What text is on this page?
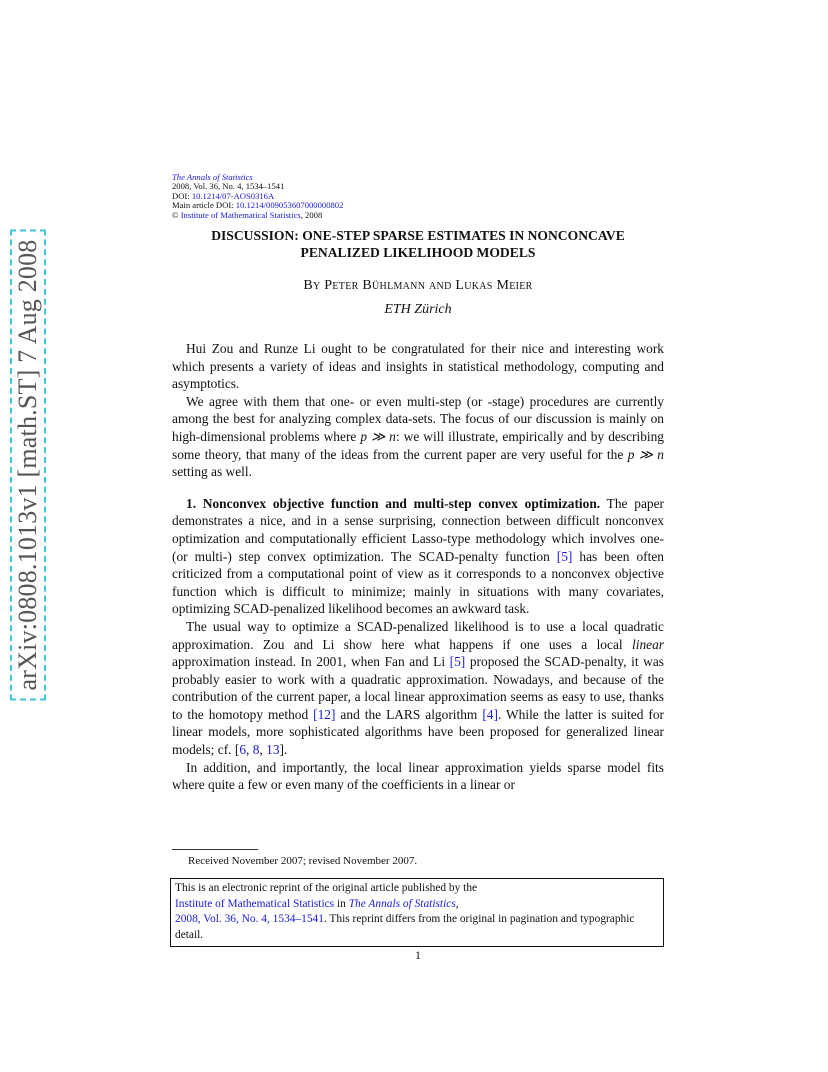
arXiv:0808.1013v1 [math.ST] 7 Aug 2008
The Annals of Statistics
2008, Vol. 36, No. 4, 1534–1541
DOI: 10.1214/07-AOS0316A
Main article DOI: 10.1214/009053607000000802
© Institute of Mathematical Statistics, 2008
DISCUSSION: ONE-STEP SPARSE ESTIMATES IN NONCONCAVE
PENALIZED LIKELIHOOD MODELS
By Peter Bühlmann and Lukas Meier
ETH Zürich

Hui Zou and Runze Li ought to be congratulated for their nice and interesting work which presents a variety of ideas and insights in statistical methodology, computing and asymptotics.

We agree with them that one- or even multi-step (or -stage) procedures are currently among the best for analyzing complex data-sets. The focus of our discussion is mainly on high-dimensional problems where p ≫ n: we will illustrate, empirically and by describing some theory, that many of the ideas from the current paper are very useful for the p ≫ n setting as well.

1. Nonconvex objective function and multi-step convex optimization. The paper demonstrates a nice, and in a sense surprising, connection between difficult nonconvex optimization and computationally efficient Lasso-type methodology which involves one- (or multi-) step convex optimization. The SCAD-penalty function [5] has been often criticized from a computational point of view as it corresponds to a nonconvex objective function which is difficult to minimize; mainly in situations with many covariates, optimizing SCAD-penalized likelihood becomes an awkward task.

The usual way to optimize a SCAD-penalized likelihood is to use a local quadratic approximation. Zou and Li show here what happens if one uses a local linear approximation instead. In 2001, when Fan and Li [5] proposed the SCAD-penalty, it was probably easier to work with a quadratic approximation. Nowadays, and because of the contribution of the current paper, a local linear approximation seems as easy to use, thanks to the homotopy method [12] and the LARS algorithm [4]. While the latter is suited for linear models, more sophisticated algorithms have been proposed for generalized linear models; cf. [6, 8, 13].

In addition, and importantly, the local linear approximation yields sparse model fits where quite a few or even many of the coefficients in a linear or

Received November 2007; revised November 2007.
This is an electronic reprint of the original article published by the
Institute of Mathematical Statistics in The Annals of Statistics,
2008, Vol. 36, No. 4, 1534–1541. This reprint differs from the original in pagination and typographic detail.
1
